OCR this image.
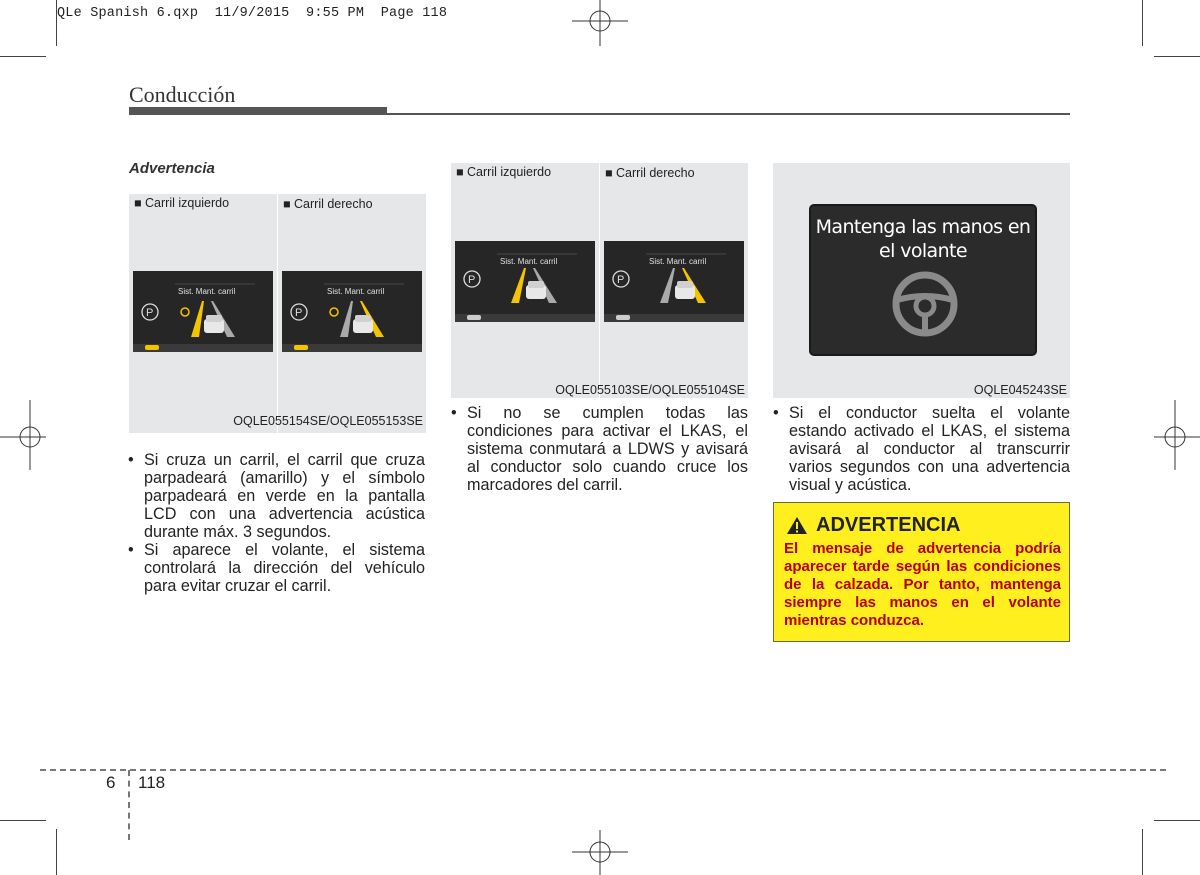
QLe Spanish 6.qxp  11/9/2015  9:55 PM  Page 118
Conducción
Advertencia
■ Carril izquierdo	■ Carril derecho
Sist. Mant. carril
P
Sist. Mant. carril
P
OQLE055154SE/OQLE055153SE
■ Carril izquierdo	■ Carril derecho
Sist. Mant. carril
P
Sist. Mant. carril
P
OQLE055103SE/OQLE055104SE
Mantenga las manos en
el volante
OQLE045243SE
• Si cruza un carril, el carril que cruza parpadeará (amarillo) y el símbolo parpadeará en verde en la pantalla LCD con una advertencia acústica durante máx. 3 segundos.
• Si aparece el volante, el sistema controlará la dirección del vehículo para evitar cruzar el carril.
• Si no se cumplen todas las condiciones para activar el LKAS, el sistema conmutará a LDWS y avisará al conductor solo cuando cruce los marcadores del carril.
• Si el conductor suelta el volante estando activado el LKAS, el sistema avisará al conductor al transcurrir varios segundos con una advertencia visual y acústica.
ADVERTENCIA
El mensaje de advertencia podría aparecer tarde según las condiciones de la calzada. Por tanto, mantenga siempre las manos en el volante mientras conduzca.
6 118
